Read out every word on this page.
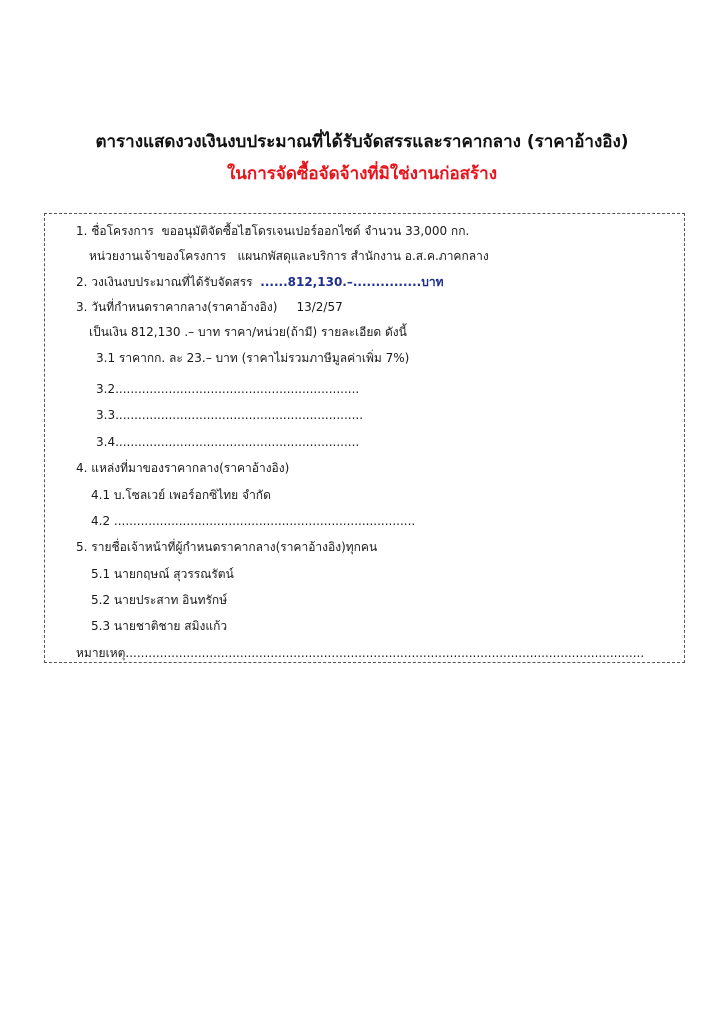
ตารางแสดงวงเงินงบประมาณที่ได้รับจัดสรรและราคากลาง (ราคาอ้างอิง)
ในการจัดซื้อจัดจ้างที่มิใช่งานก่อสร้าง
1. ชื่อโครงการ ขออนุมัติจัดซื้อไฮโดรเจนเปอร์ออกไซด์ จำนวน 33,000 กก.
หน่วยงานเจ้าของโครงการ แผนกพัสดุและบริการ สำนักงาน อ.ส.ค.ภาคกลาง
2. วงเงินงบประมาณที่ได้รับจัดสรร ......812,130.–...............บาท
3. วันที่กำหนดราคากลาง(ราคาอ้างอิง) 13/2/57
เป็นเงิน 812,130 .– บาท ราคา/หน่วย(ถ้ามี) รายละเอียด ดังนี้
3.1 ราคากก. ละ 23.– บาท (ราคาไม่รวมภาษีมูลค่าเพิ่ม 7%)
3.2................................................................
3.3.................................................................
3.4................................................................
4. แหล่งที่มาของราคากลาง(ราคาอ้างอิง)
4.1 บ.โซลเวย์ เพอร์อกซิไทย จำกัด
4.2 ...............................................................................
5. รายชื่อเจ้าหน้าที่ผู้กำหนดราคากลาง(ราคาอ้างอิง)ทุกคน
5.1 นายกฤษณ์ สุวรรณรัตน์
5.2 นายประสาท อินทรักษ์
5.3 นายชาติชาย สมิงแก้ว
หมายเหตุ........................................................................................................................................
